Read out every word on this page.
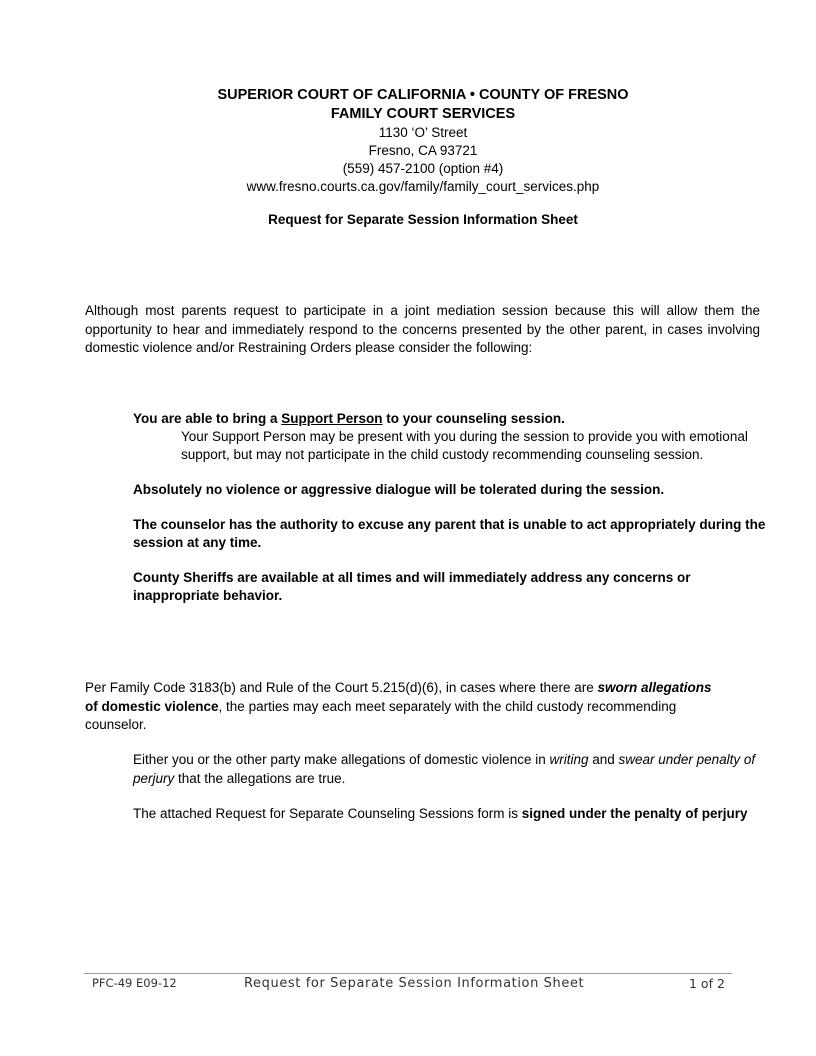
SUPERIOR COURT OF CALIFORNIA • COUNTY OF FRESNO
FAMILY COURT SERVICES
1130 ‘O’ Street
Fresno, CA 93721
(559) 457-2100 (option #4)
www.fresno.courts.ca.gov/family/family_court_services.php
Request for Separate Session Information Sheet
Although most parents request to participate in a joint mediation session because this will allow them the opportunity to hear and immediately respond to the concerns presented by the other parent, in cases involving domestic violence and/or Restraining Orders please consider the following:

You are able to bring a Support Person to your counseling session.

Your Support Person may be present with you during the session to provide you with emotional support, but may not participate in the child custody recommending counseling session.

Absolutely no violence or aggressive dialogue will be tolerated during the session.

The counselor has the authority to excuse any parent that is unable to act appropriately during the session at any time.

County Sheriffs are available at all times and will immediately address any concerns or inappropriate behavior.

Per Family Code 3183(b) and Rule of the Court 5.215(d)(6), in cases where there are sworn allegations of domestic violence, the parties may each meet separately with the child custody recommending counselor.

Either you or the other party make allegations of domestic violence in writing and swear under penalty of perjury that the allegations are true.

The attached Request for Separate Counseling Sessions form is signed under the penalty of perjury

PFC-49 E09-12	Request for Separate Session Information Sheet	1 of 2
